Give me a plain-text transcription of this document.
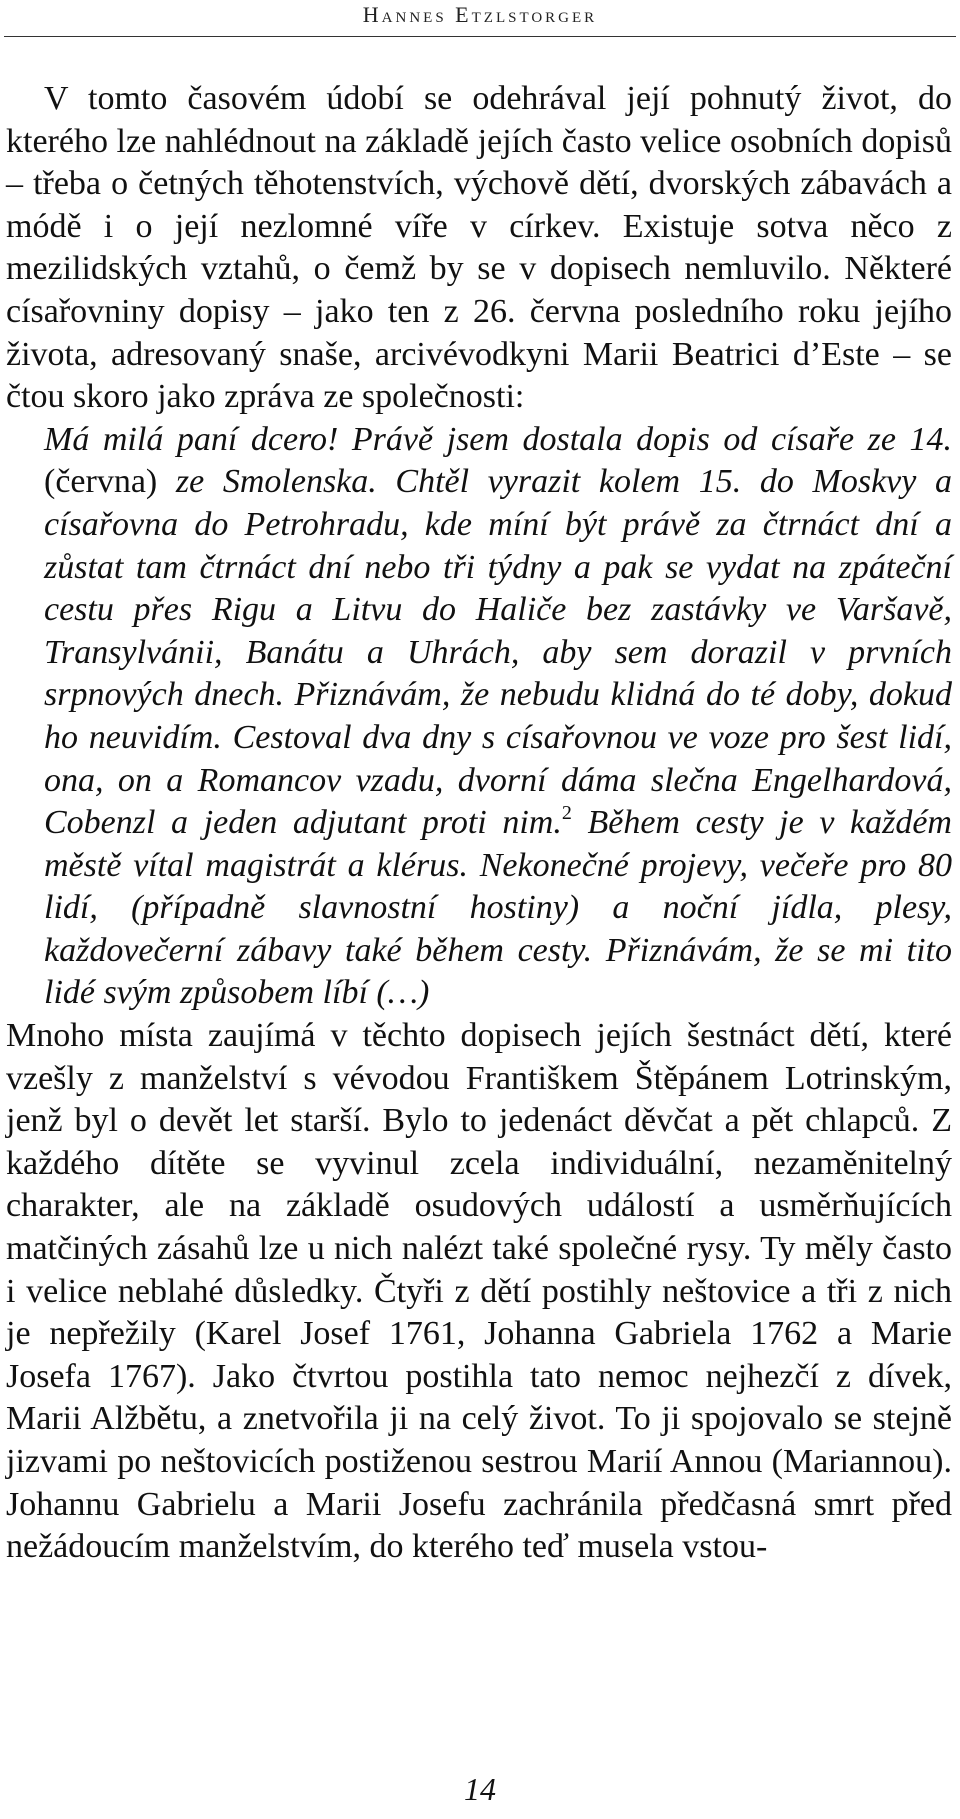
Hannes Etzlstorger

V tomto časovém údobí se odehrával její pohnutý život, do kterého lze nahlédnout na základě jejích často velice osobních dopisů – třeba o četných těhotenstvích, výchově dětí, dvorských zábavách a módě i o její nezlomné víře v církev. Existuje sotva něco z mezilidských vztahů, o čemž by se v dopisech nemluvilo. Některé císařovniny dopisy – jako ten z 26. června posledního roku jejího života, adresovaný snaše, arcivévodkyni Marii Beatrici d’Este – se čtou skoro jako zpráva ze společnosti:

Má milá paní dcero! Právě jsem dostala dopis od císaře ze 14. (června) ze Smolenska. Chtěl vyrazit kolem 15. do Moskvy a císařovna do Petrohradu, kde míní být právě za čtrnáct dní a zůstat tam čtrnáct dní nebo tři týdny a pak se vydat na zpáteční cestu přes Rigu a Litvu do Haliče bez zastávky ve Varšavě, Transylvánii, Banátu a Uhrách, aby sem dorazil v prvních srpnových dnech. Přiznávám, že nebudu klidná do té doby, dokud ho neuvidím. Cestoval dva dny s císařovnou ve voze pro šest lidí, ona, on a Romancov vzadu, dvorní dáma slečna Engelhardová, Cobenzl a jeden adjutant proti nim.$^2$ Během cesty je v každém městě vítal magistrát a klérus. Nekonečné projevy, večeře pro 80 lidí, (případně slavnostní hostiny) a noční jídla, plesy, každovečerní zábavy také během cesty. Přiznávám, že se mi tito lidé svým způsobem líbí (…)

Mnoho místa zaujímá v těchto dopisech jejích šestnáct dětí, které vzešly z manželství s vévodou Františkem Štěpánem Lotrinským, jenž byl o devět let starší. Bylo to jedenáct děvčat a pět chlapců. Z každého dítěte se vyvinul zcela individuální, nezaměnitelný charakter, ale na základě osudových událostí a usměrňujících matčiných zásahů lze u nich nalézt také společné rysy. Ty měly často i velice neblahé důsledky. Čtyři z dětí postihly neštovice a tři z nich je nepřežily (Karel Josef 1761, Johanna Gabriela 1762 a Marie Josefa 1767). Jako čtvrtou postihla tato nemoc nejhezčí z dívek, Marii Alžbětu, a znetvořila ji na celý život. To ji spojovalo se stejně jizvami po neštovicích postiženou sestrou Marií Annou (Mariannou). Johannu Gabrielu a Marii Josefu zachránila předčasná smrt před nežádoucím manželstvím, do kterého teď musela vstou-

14
